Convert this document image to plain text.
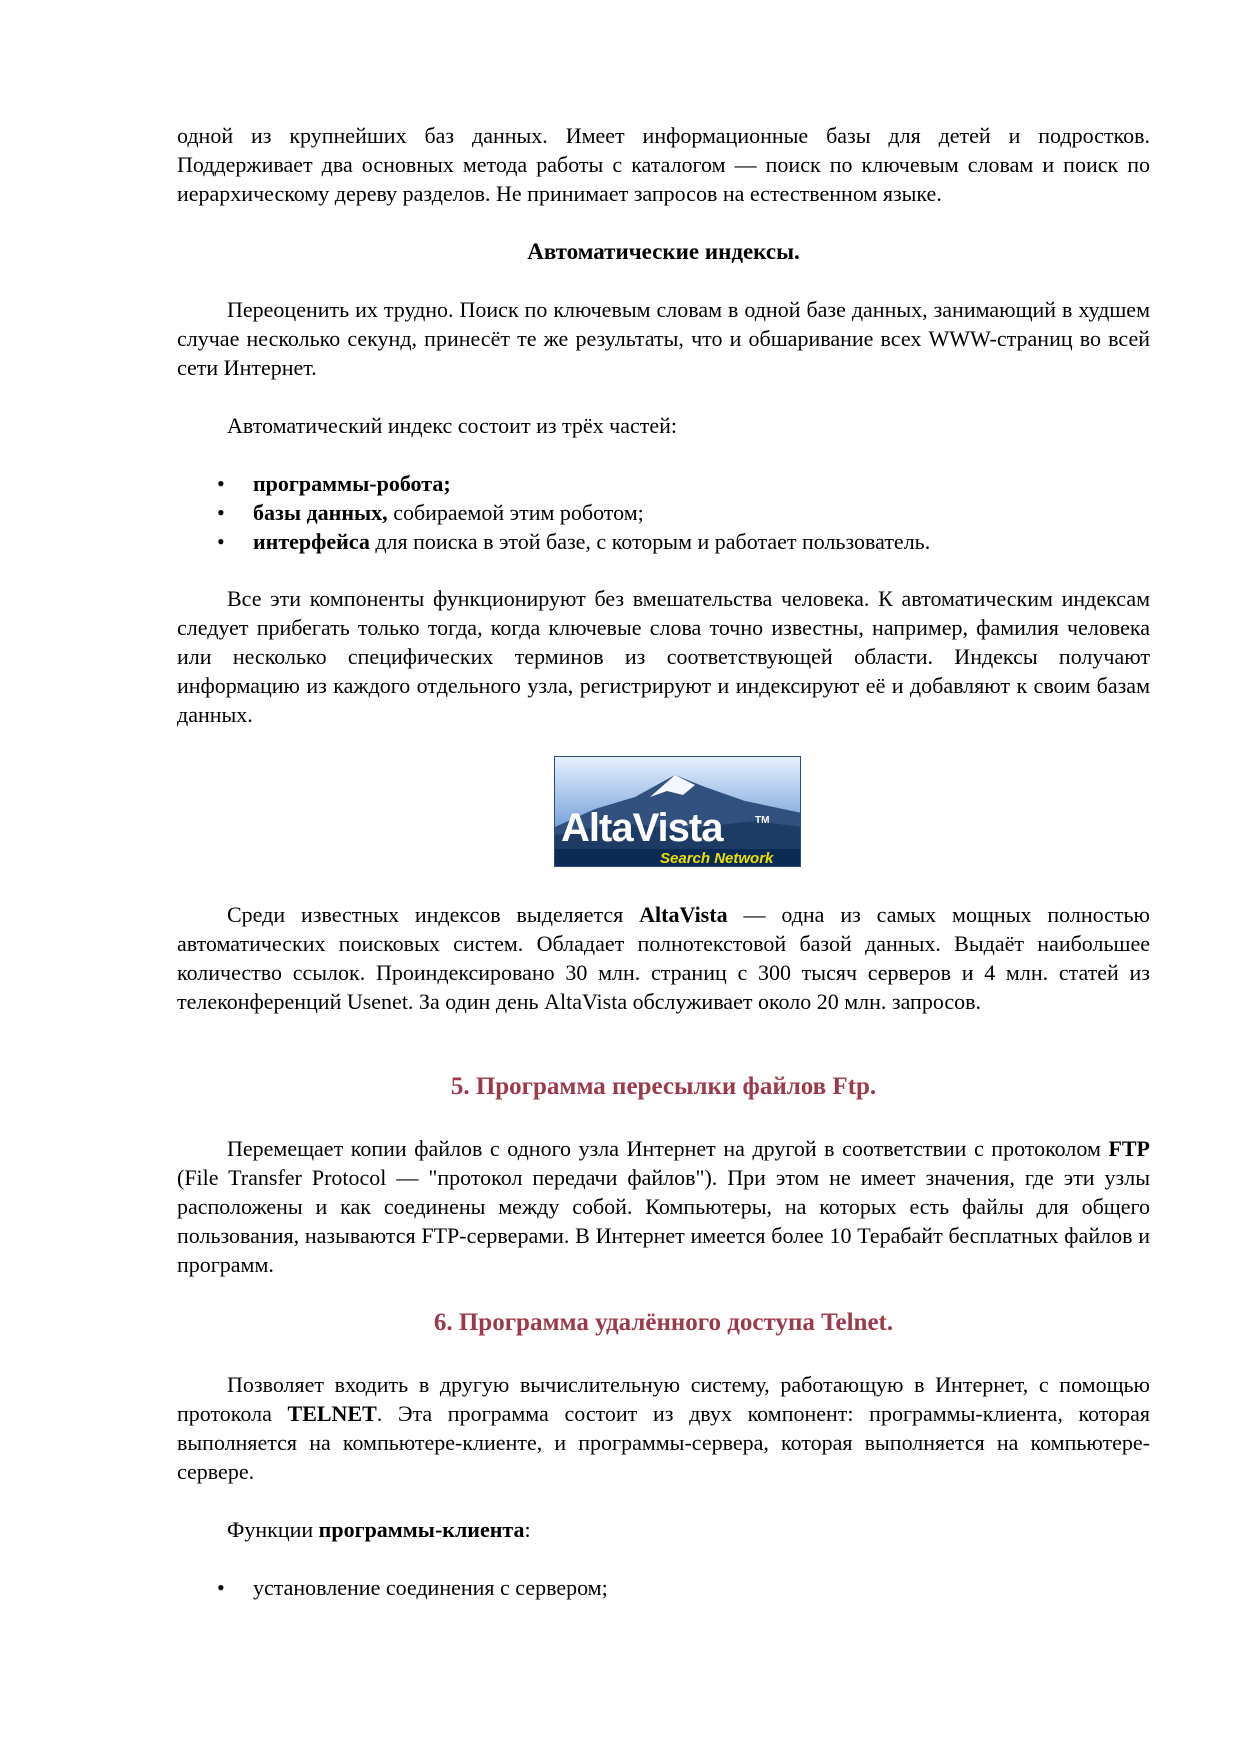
одной из крупнейших баз данных. Имеет информационные базы для детей и подростков. Поддерживает два основных метода работы с каталогом — поиск по ключевым словам и поиск по иерархическому дереву разделов. Не принимает запросов на естественном языке.

Автоматические индексы.

Переоценить их трудно. Поиск по ключевым словам в одной базе данных, занимающий в худшем случае несколько секунд, принесёт те же результаты, что и обшаривание всех WWW-страниц во всей сети Интернет.

Автоматический индекс состоит из трёх частей:

• программы-робота;
• базы данных, собираемой этим роботом;
• интерфейса для поиска в этой базе, с которым и работает пользователь.

Все эти компоненты функционируют без вмешательства человека. К автоматическим индексам следует прибегать только тогда, когда ключевые слова точно известны, например, фамилия человека или несколько специфических терминов из соответствующей области. Индексы получают информацию из каждого отдельного узла, регистрируют и индексируют её и добавляют к своим базам данных.

AltaVista	TM
Search Network

Среди известных индексов выделяется AltaVista — одна из самых мощных полностью автоматических поисковых систем. Обладает полнотекстовой базой данных. Выдаёт наибольшее количество ссылок. Проиндексировано 30 млн. страниц с 300 тысяч серверов и 4 млн. статей из телеконференций Usenet. За один день AltaVista обслуживает около 20 млн. запросов.

5. Программа пересылки файлов Ftp.

Перемещает копии файлов с одного узла Интернет на другой в соответствии с протоколом FTP (File Transfer Protocol — "протокол передачи файлов"). При этом не имеет значения, где эти узлы расположены и как соединены между собой. Компьютеры, на которых есть файлы для общего пользования, называются FTP-серверами. В Интернет имеется более 10 Терабайт бесплатных файлов и программ.

6. Программа удалённого доступа Telnet.

Позволяет входить в другую вычислительную систему, работающую в Интернет, с помощью протокола TELNET. Эта программа состоит из двух компонент: программы-клиента, которая выполняется на компьютере-клиенте, и программы-сервера, которая выполняется на компьютере-сервере.

Функции программы-клиента:

• установление соединения с сервером;
